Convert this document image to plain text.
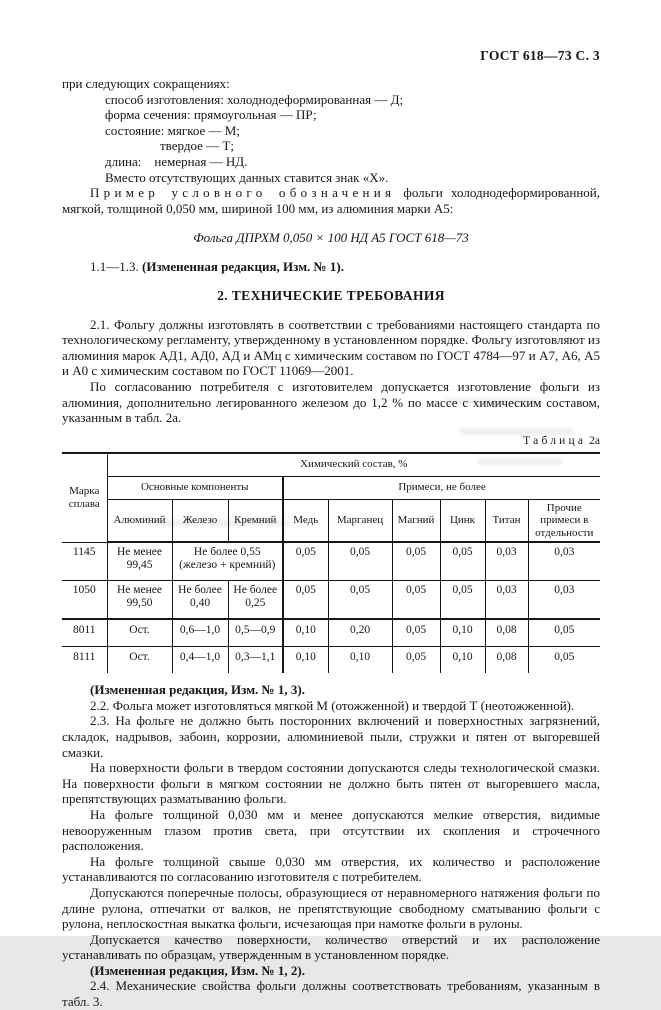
ГОСТ 618—73 С. 3

при следующих сокращениях:

способ изготовления: холоднодеформированная — Д;

форма сечения: прямоугольная — ПР;

состояние: мягкое — М;

твердое — Т;

длина:    немерная — НД.

Вместо отсутствующих данных ставится знак «Х».

Пример условного обозначения фольги холоднодеформированной, мягкой, толщиной 0,050 мм, шириной 100 мм, из алюминия марки А5:

Фольга ДПРХМ 0,050 × 100 НД А5 ГОСТ 618—73

1.1—1.3. (Измененная редакция, Изм. № 1).

2. ТЕХНИЧЕСКИЕ ТРЕБОВАНИЯ

2.1. Фольгу должны изготовлять в соответствии с требованиями настоящего стандарта по технологическому регламенту, утвержденному в установленном порядке. Фольгу изготовляют из алюминия марок АД1, АД0, АД и АМц с химическим составом по ГОСТ 4784—97 и А7, А6, А5 и А0 с химическим составом по ГОСТ 11069—2001.

По согласованию потребителя с изготовителем допускается изготовление фольги из алюминия, дополнительно легированного железом до 1,2 % по массе с химическим составом, указанным в табл. 2а.

Таблица 2а
Марка сплава	Химический состав, %								
	Основные компоненты			Примеси, не более					
	Алюминий	Железо	Кремний	Медь	Марганец	Магний	Цинк	Титан	Прочие примеси в отдельности
1145	Не менее 99,45	Не более 0,55 (железо + кремний)		0,05	0,05	0,05	0,05	0,03	0,03
1050	Не менее 99,50	Не более 0,40	Не более 0,25	0,05	0,05	0,05	0,05	0,03	0,03
8011	Ост.	0,6—1,0	0,5—0,9	0,10	0,20	0,05	0,10	0,08	0,05
8111	Ост.	0,4—1,0	0,3—1,1	0,10	0,10	0,05	0,10	0,08	0,05

(Измененная редакция, Изм. № 1, 3).

2.2. Фольга может изготовляться мягкой М (отожженной) и твердой Т (неотожженной).

2.3. На фольге не должно быть посторонних включений и поверхностных загрязнений, складок, надрывов, забоин, коррозии, алюминиевой пыли, стружки и пятен от выгоревшей смазки.

На поверхности фольги в твердом состоянии допускаются следы технологической смазки. На поверхности фольги в мягком состоянии не должно быть пятен от выгоревшего масла, препятствующих разматыванию фольги.

На фольге толщиной 0,030 мм и менее допускаются мелкие отверстия, видимые невооруженным глазом против света, при отсутствии их скопления и строчечного расположения.

На фольге толщиной свыше 0,030 мм отверстия, их количество и расположение устанавливаются по согласованию изготовителя с потребителем.

Допускаются поперечные полосы, образующиеся от неравномерного натяжения фольги по длине рулона, отпечатки от валков, не препятствующие свободному сматыванию фольги с рулона, неплоскостная выкатка фольги, исчезающая при намотке фольги в рулоны.

Допускается качество поверхности, количество отверстий и их расположение устанавливать по образцам, утвержденным в установленном порядке.

(Измененная редакция, Изм. № 1, 2).

2.4. Механические свойства фольги должны соответствовать требованиям, указанным в табл. 3.
